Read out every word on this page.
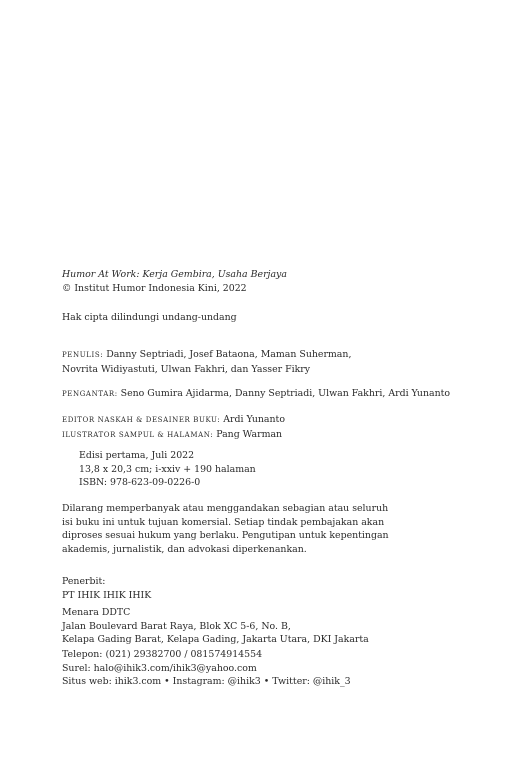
Humor At Work: Kerja Gembira, Usaha Berjaya
© Institut Humor Indonesia Kini, 2022
Hak cipta dilindungi undang-undang
PENULIS: Danny Septriadi, Josef Bataona, Maman Suherman,
Novrita Widiyastuti, Ulwan Fakhri, dan Yasser Fikry
PENGANTAR: Seno Gumira Ajidarma, Danny Septriadi, Ulwan Fakhri, Ardi Yunanto
EDITOR NASKAH & DESAINER BUKU: Ardi Yunanto
ILUSTRATOR SAMPUL & HALAMAN: Pang Warman
Edisi pertama, Juli 2022
13,8 x 20,3 cm; i-xxiv + 190 halaman
ISBN: 978-623-09-0226-0
Dilarang memperbanyak atau menggandakan sebagian atau seluruh
isi buku ini untuk tujuan komersial. Setiap tindak pembajakan akan
diproses sesuai hukum yang berlaku. Pengutipan untuk kepentingan
akademis, jurnalistik, dan advokasi diperkenankan.
Penerbit:
PT IHIK IHIK IHIK
Menara DDTC
Jalan Boulevard Barat Raya, Blok XC 5-6, No. B,
Kelapa Gading Barat, Kelapa Gading, Jakarta Utara, DKI Jakarta
Telepon: (021) 29382700 / 081574914554
Surel: halo@ihik3.com/ihik3@yahoo.com
Situs web: ihik3.com • Instagram: @ihik3 • Twitter: @ihik_3
